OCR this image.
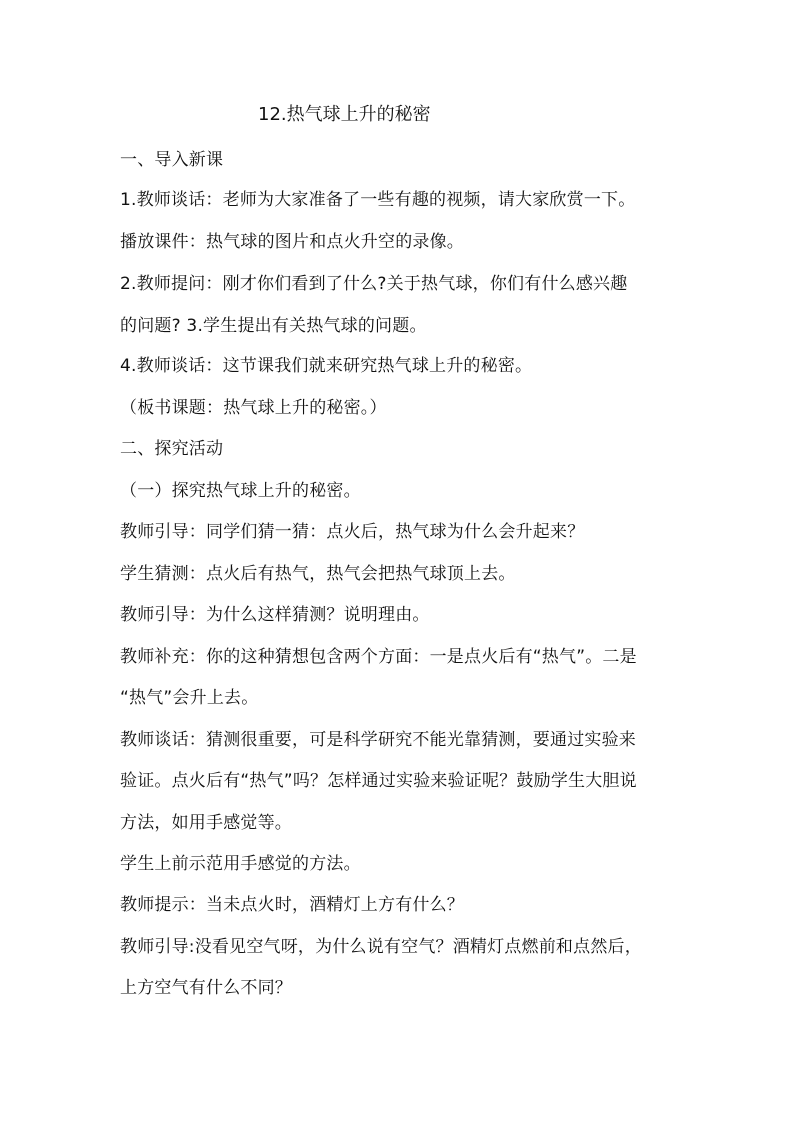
12.热气球上升的秘密
一、导入新课
1.教师谈话：老师为大家准备了一些有趣的视频，请大家欣赏一下。
播放课件：热气球的图片和点火升空的录像。
2.教师提问：刚才你们看到了什么?关于热气球，你们有什么感兴趣
的问题? 3.学生提出有关热气球的问题。
4.教师谈话：这节课我们就来研究热气球上升的秘密。
（板书课题：热气球上升的秘密。）
二、探究活动
（一）探究热气球上升的秘密。
教师引导：同学们猜一猜：点火后，热气球为什么会升起来？
学生猜测：点火后有热气，热气会把热气球顶上去。
教师引导：为什么这样猜测？说明理由。
教师补充：你的这种猜想包含两个方面：一是点火后有“热气”。二是
“热气”会升上去。
教师谈话：猜测很重要，可是科学研究不能光靠猜测，要通过实验来
验证。点火后有“热气”吗？怎样通过实验来验证呢？鼓励学生大胆说
方法，如用手感觉等。
学生上前示范用手感觉的方法。
教师提示：当未点火时，酒精灯上方有什么？
教师引导:没看见空气呀，为什么说有空气？酒精灯点燃前和点然后，
上方空气有什么不同？
